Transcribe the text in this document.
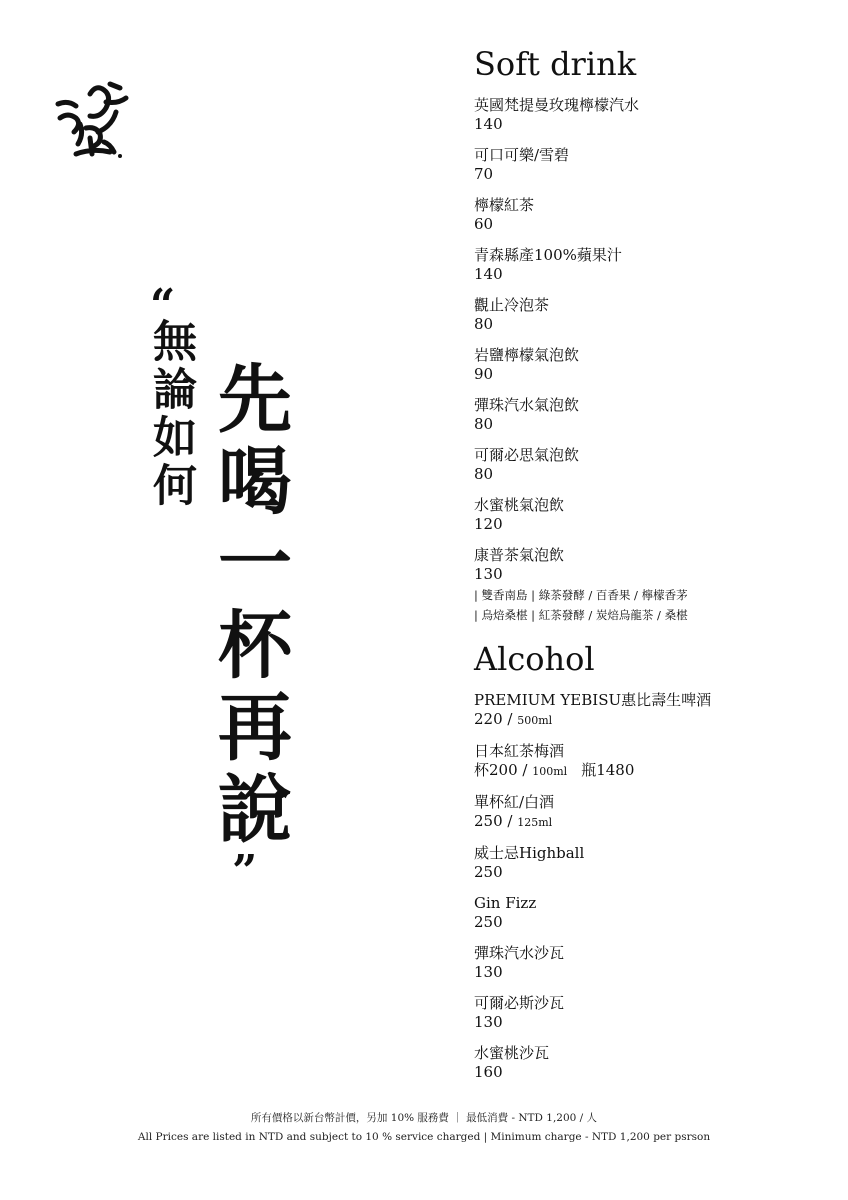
“
無論如何 先喝一杯再說
”
Soft drink
英國梵提曼玫瑰檸檬汽水
140
可口可樂/雪碧
70
檸檬紅茶
60
青森縣產100%蘋果汁
140
觀止冷泡茶
80
岩鹽檸檬氣泡飲
90
彈珠汽水氣泡飲
80
可爾必思氣泡飲
80
水蜜桃氣泡飲
120
康普茶氣泡飲
130
| 雙香南島 | 綠茶發酵 / 百香果 / 檸檬香茅
| 烏焙桑椹 | 紅茶發酵 / 炭焙烏龍茶 / 桑椹
Alcohol
PREMIUM YEBISU惠比壽生啤酒
220 / 500ml
日本紅茶梅酒
杯200 / 100ml 瓶1480
單杯紅/白酒
250 / 125ml
威士忌Highball
250
Gin Fizz
250
彈珠汽水沙瓦
130
可爾必斯沙瓦
130
水蜜桃沙瓦
160
所有價格以新台幣計價，另加 10% 服務費 ｜ 最低消費 - NTD 1,200 / 人
All Prices are listed in NTD and subject to 10 % service charged | Minimum charge - NTD 1,200 per psrson
